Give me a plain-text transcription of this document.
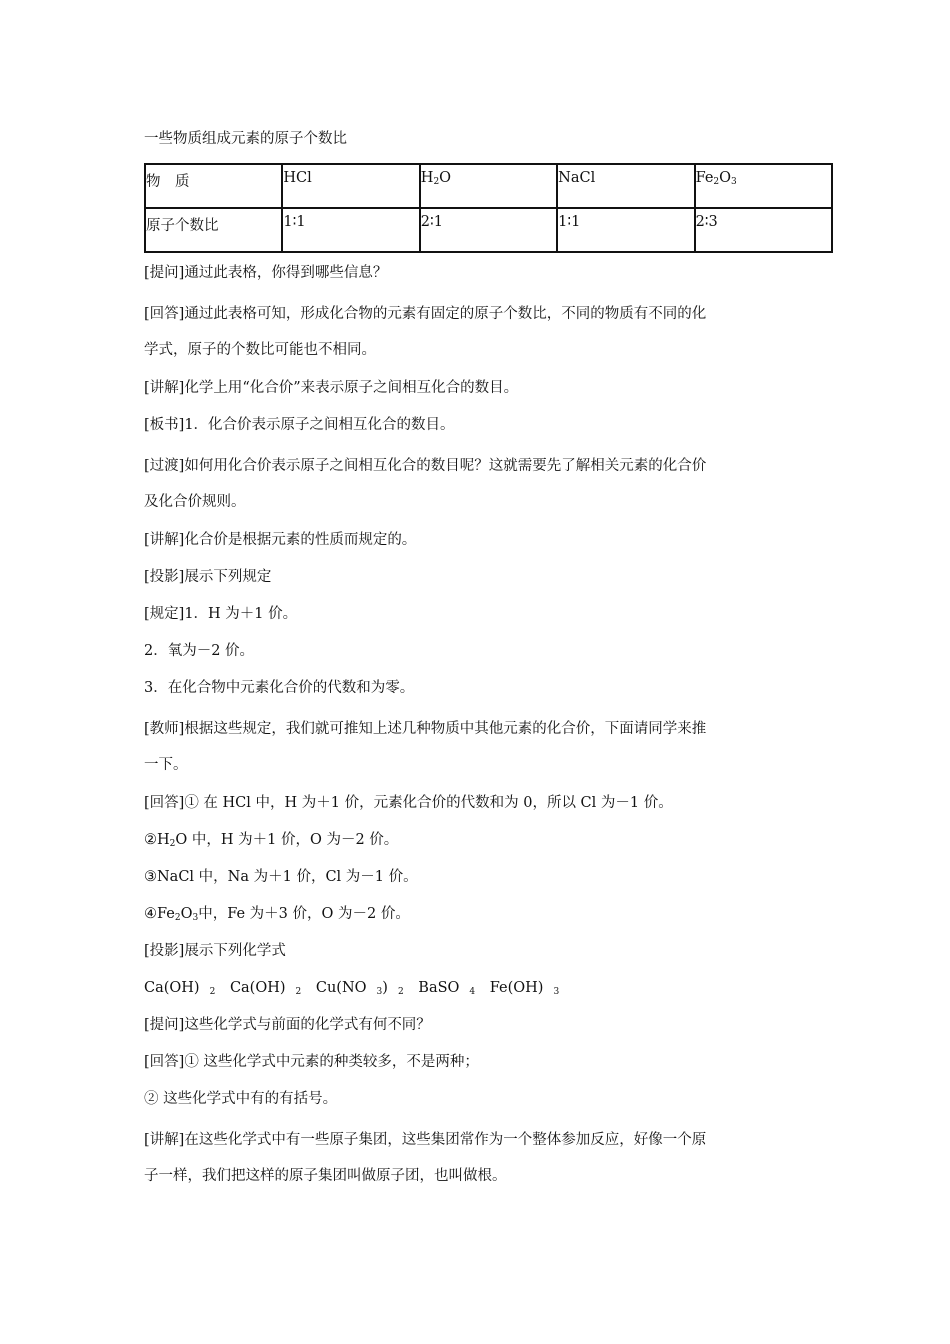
一些物质组成元素的原子个数比

物　质	HCl	$H_2O$	NaCl	$Fe_2O_3$
原子个数比	1∶1	2∶1	1∶1	2∶3

[提问]通过此表格，你得到哪些信息？

[回答]通过此表格可知，形成化合物的元素有固定的原子个数比，不同的物质有不同的化

学式，原子的个数比可能也不相同。

[讲解]化学上用“化合价”来表示原子之间相互化合的数目。

[板书]1．化合价表示原子之间相互化合的数目。

[过渡]如何用化合价表示原子之间相互化合的数目呢？这就需要先了解相关元素的化合价

及化合价规则。

[讲解]化合价是根据元素的性质而规定的。

[投影]展示下列规定

[规定]1．H 为＋1 价。

2．氧为－2 价。

3．在化合物中元素化合价的代数和为零。

[教师]根据这些规定，我们就可推知上述几种物质中其他元素的化合价，下面请同学来推

一下。

[回答]① 在 HCl 中，H 为＋1 价，元素化合价的代数和为 0，所以 Cl 为－1 价。

$②H_2O$ 中，H 为＋1 价，O 为－2 价。

③NaCl 中，Na 为＋1 价，Cl 为－1 价。

$④Fe_2O_3$中，Fe 为＋3 价，O 为－2 价。

[投影]展示下列化学式

Ca(OH) $_2$ Ca(OH) $_2$ Cu(NO $_3$) $_2$ BaSO $_4$ Fe(OH) $_3$

[提问]这些化学式与前面的化学式有何不同？

[回答]① 这些化学式中元素的种类较多，不是两种；

② 这些化学式中有的有括号。

[讲解]在这些化学式中有一些原子集团，这些集团常作为一个整体参加反应，好像一个原

子一样，我们把这样的原子集团叫做原子团，也叫做根。
